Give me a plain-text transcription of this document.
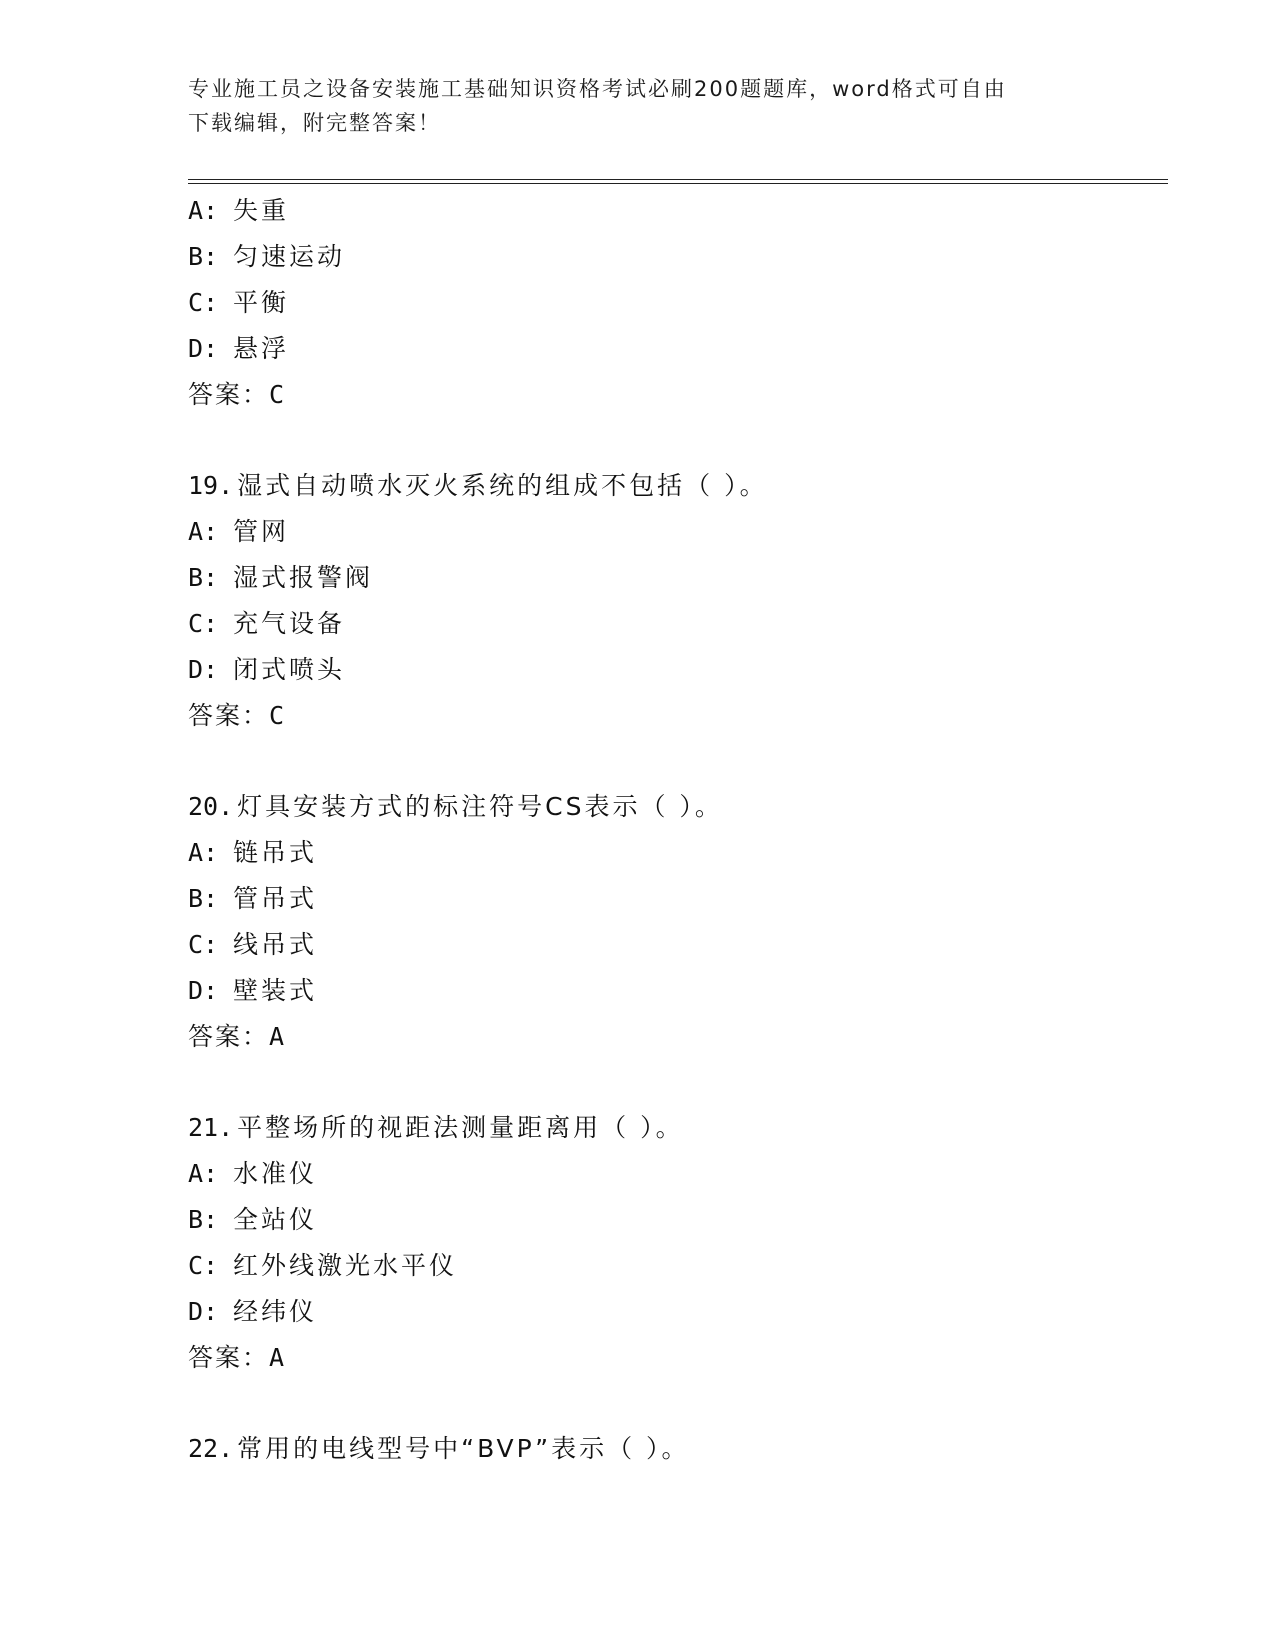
专业施工员之设备安装施工基础知识资格考试必刷200题题库，word格式可自由
下载编辑，附完整答案！
A: 失重
B: 匀速运动
C: 平衡
D: 悬浮
答案：C
19. 湿式自动喷水灭火系统的组成不包括（ ）。
A: 管网
B: 湿式报警阀
C: 充气设备
D: 闭式喷头
答案：C
20. 灯具安装方式的标注符号CS表示（ ）。
A: 链吊式
B: 管吊式
C: 线吊式
D: 壁装式
答案：A
21. 平整场所的视距法测量距离用（ ）。
A: 水准仪
B: 全站仪
C: 红外线激光水平仪
D: 经纬仪
答案：A
22. 常用的电线型号中“BVP”表示（ ）。
